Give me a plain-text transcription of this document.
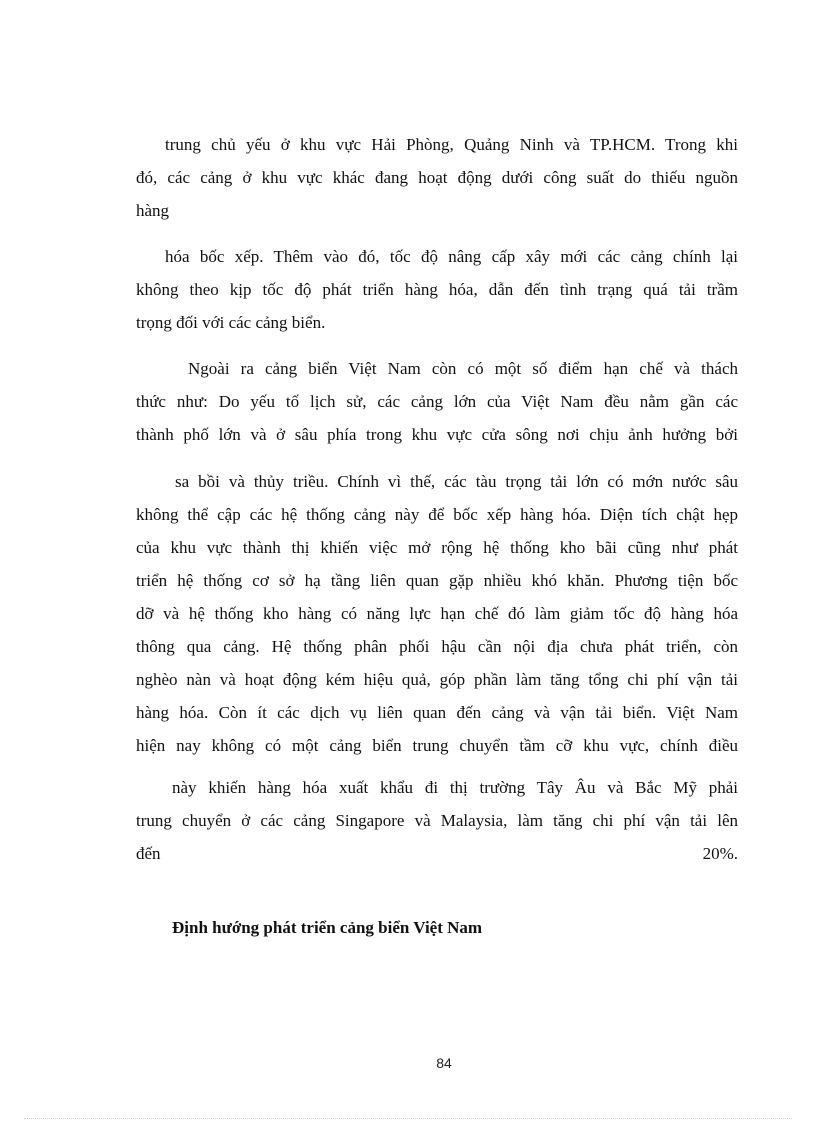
trung chủ yếu ở khu vực Hải Phòng, Quảng Ninh và TP.HCM. Trong khi
đó, các cảng ở khu vực khác đang hoạt động dưới công suất do thiếu nguồn
hàng
hóa bốc xếp. Thêm vào đó, tốc độ nâng cấp xây mới các cảng chính lại
không theo kịp tốc độ phát triển hàng hóa, dẫn đến tình trạng quá tải trầm
trọng đối với các cảng biển.
Ngoài ra cảng biển Việt Nam còn có một số điểm hạn chế và thách
thức như: Do yếu tố lịch sử, các cảng lớn của Việt Nam đều nằm gần các
thành phố lớn và ở sâu phía trong khu vực cửa sông nơi chịu ảnh hưởng bởi
sa bồi và thủy triều. Chính vì thế, các tàu trọng tải lớn có mớn nước sâu
không thể cập các hệ thống cảng này để bốc xếp hàng hóa. Diện tích chật hẹp
của khu vực thành thị khiến việc mở rộng hệ thống kho bãi cũng như phát
triển hệ thống cơ sở hạ tầng liên quan gặp nhiều khó khăn. Phương tiện bốc
dỡ và hệ thống kho hàng có năng lực hạn chế đó làm giảm tốc độ hàng hóa
thông qua cảng. Hệ thống phân phối hậu cần nội địa chưa phát triển, còn
nghèo nàn và hoạt động kém hiệu quả, góp phần làm tăng tổng chi phí vận tải
hàng hóa. Còn ít các dịch vụ liên quan đến cảng và vận tải biển. Việt Nam
hiện nay không có một cảng biển trung chuyển tầm cỡ khu vực, chính điều
này khiến hàng hóa xuất khẩu đi thị trường Tây Âu và Bắc Mỹ phải
trung chuyển ở các cảng Singapore và Malaysia, làm tăng chi phí vận tải lên
đến	20%.
Định hướng phát triển cảng biển Việt Nam
84
